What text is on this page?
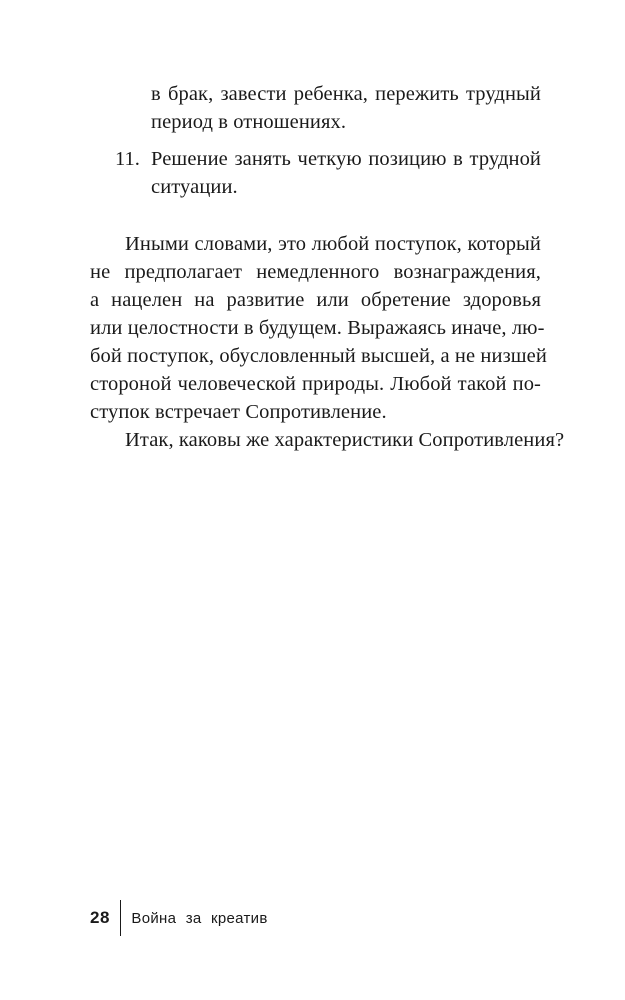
в брак, завести ребенка, пережить трудный
период в отношениях.
11. Решение занять четкую позицию в трудной
ситуации.
Иными словами, это любой поступок, который
не предполагает немедленного вознаграждения,
а нацелен на развитие или обретение здоровья
или целостности в будущем. Выражаясь иначе, лю-
бой поступок, обусловленный высшей, а не низшей
стороной человеческой природы. Любой такой по-
ступок встречает Сопротивление.
Итак, каковы же характеристики Сопротивления?
28 Война за креатив
